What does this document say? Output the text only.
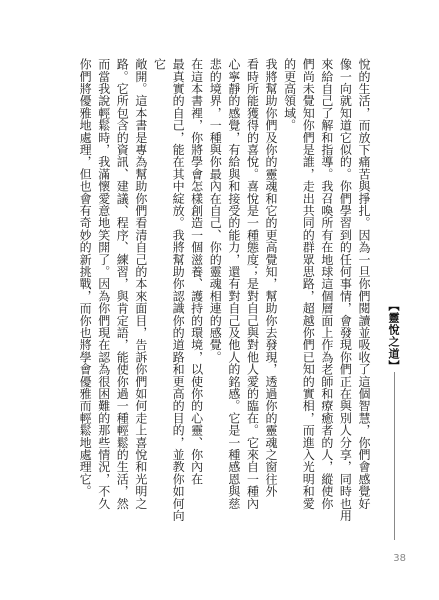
悅的生活，而放下痛苦與掙扎。因為一旦你們閱讀並吸收了這個智慧，你們會感覺好
像一向就知道它似的。你們學習到的任何事情，會發現你們正在與別人分享，同時也用
來給自己了解和指導。我召喚所有在地球這個層面上作為老師和療癒者的人，縱使你
們尚未覺知你們是誰，走出共同的群眾思路，超越你們已知的實相，而進入光明和愛
的更高領域。

我將幫助你們及你的靈魂和它的更高覺知，幫助你去發現，透過你的靈魂之窗往外
看時所能獲得的喜悅。喜悅是一種態度；是對自己與對他人愛的臨在。它來自一種內
心寧靜的感覺，有給與和接受的能力，還有對自己及他人的銘感。它是一種感恩與慈
悲的境界，一種與你最內在自己、你的靈魂相連的感覺。

在這本書裡，你將學會怎樣創造一個滋養、護持的環境，以使你的心靈、你內在
最真實的自己，能在其中綻放。我將幫助你認識你的道路和更高的目的，並教你如何向它
敞開。這本書是專為幫助你們看清自己的本來面目，告訴你們如何走上喜悅和光明之
路。它所包含的資訊、建議、程序、練習，與肯定語，能使你過一種輕鬆的生活，然
而當我說輕鬆時，我滿懷愛意地笑開了。因為你們現在認為很困難的那些情況，不久
你們將優雅地處理，但也會有奇妙的新挑戰，而你也將學會優雅而輕鬆地處理它。	【靈悅之道】
38
